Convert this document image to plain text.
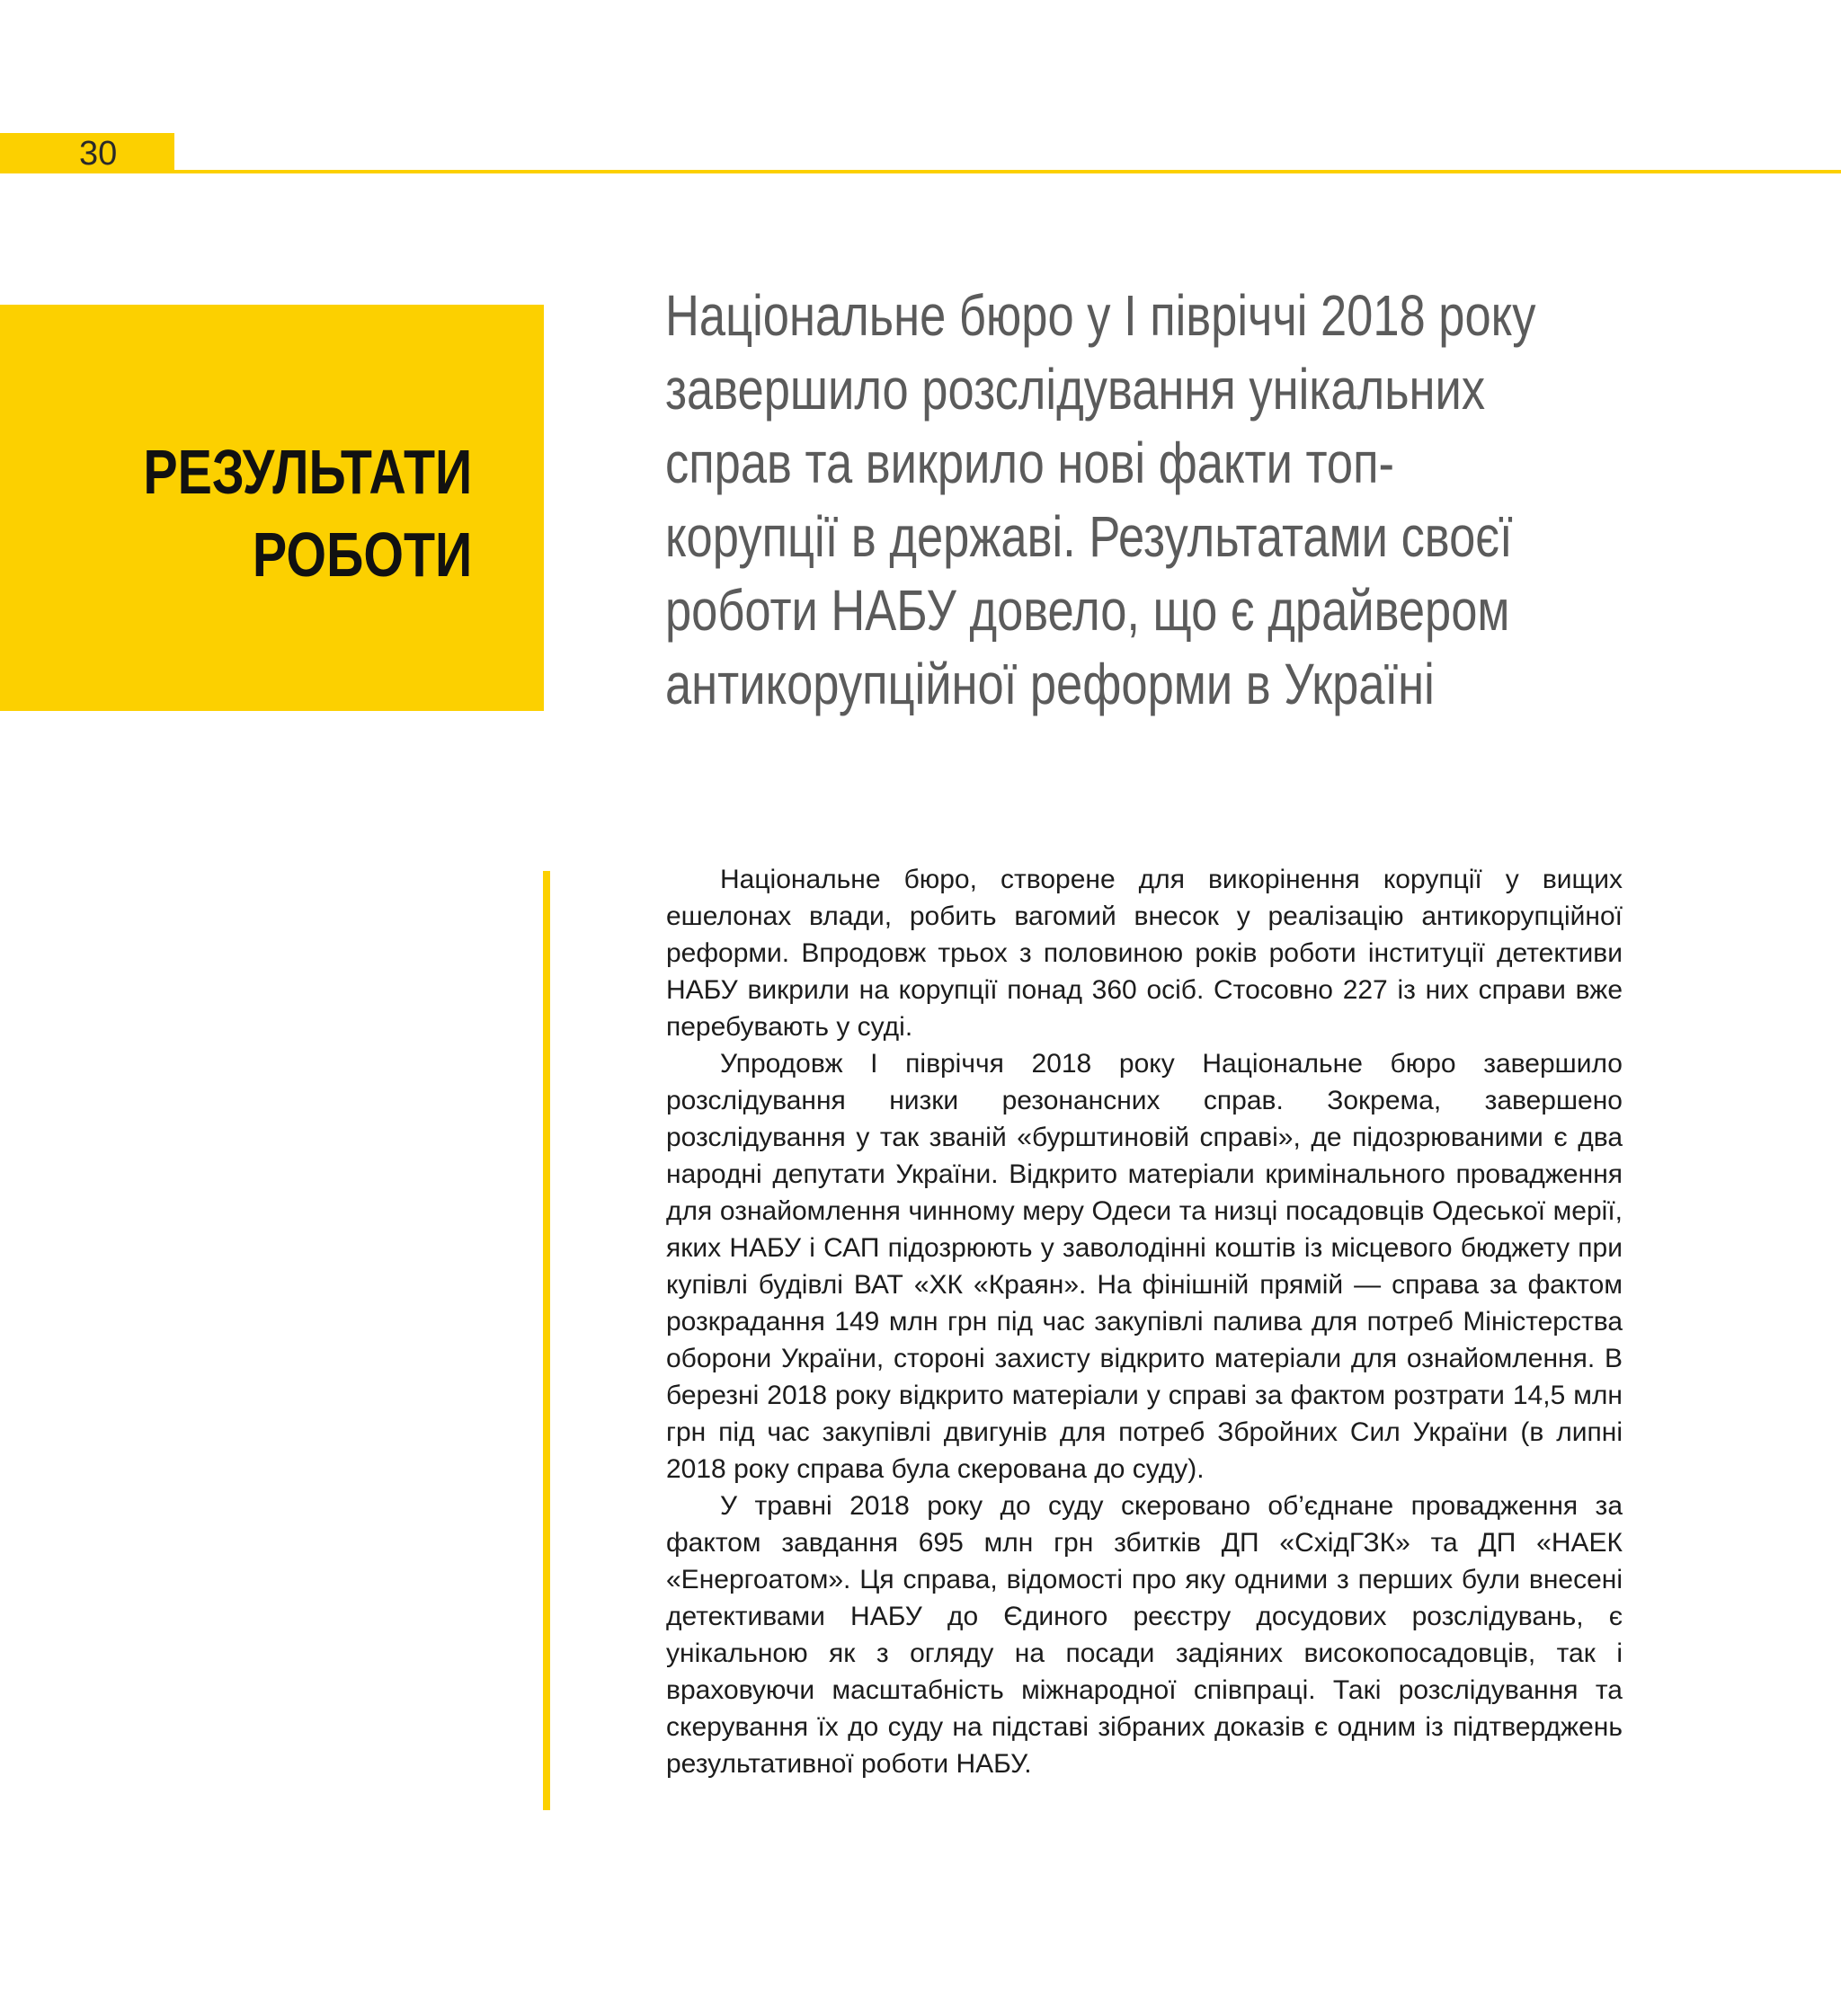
30
РЕЗУЛЬТАТИ
РОБОТИ
Національне бюро у І півріччі 2018 року
завершило розслідування унікальних
справ та викрило нові факти топ-
корупції в державі. Результатами своєї
роботи НАБУ довело, що є драйвером
антикорупційної реформи в Україні

Національне бюро, створене для викорінення корупції у вищих ешелонах влади, робить вагомий внесок у реалізацію антикорупційної реформи. Впродовж трьох з половиною років роботи інституції детективи НАБУ викрили на корупції понад 360 осіб. Стосовно 227 із них справи вже перебувають у суді.

Упродовж І півріччя 2018 року Національне бюро завершило розслідування низки резонансних справ. Зокрема, завершено розслідування у так званій «бурштиновій справі», де підозрюваними є два народні депутати України. Відкрито матеріали кримінального провадження для ознайомлення чинному меру Одеси та низці посадовців Одеської мерії, яких НАБУ і САП підозрюють у заволодінні коштів із місцевого бюджету при купівлі будівлі ВАТ «ХК «Краян». На фінішній прямій — справа за фактом розкрадання 149 млн грн під час закупівлі палива для потреб Міністерства оборони України, стороні захисту відкрито матеріали для ознайомлення. В березні 2018 року відкрито матеріали у справі за фактом розтрати 14,5 млн грн під час закупівлі двигунів для потреб Збройних Сил України (в липні 2018 року справа була скерована до суду).

У травні 2018 року до суду скеровано об’єднане провадження за фактом завдання 695 млн грн збитків ДП «СхідГЗК» та ДП «НАЕК «Енергоатом». Ця справа, відомості про яку одними з перших були внесені детективами НАБУ до Єдиного реєстру досудових розслідувань, є унікальною як з огляду на посади задіяних високопосадовців, так і враховуючи масштабність міжнародної співпраці. Такі розслідування та скерування їх до суду на підставі зібраних доказів є одним із підтверджень результативної роботи НАБУ.
